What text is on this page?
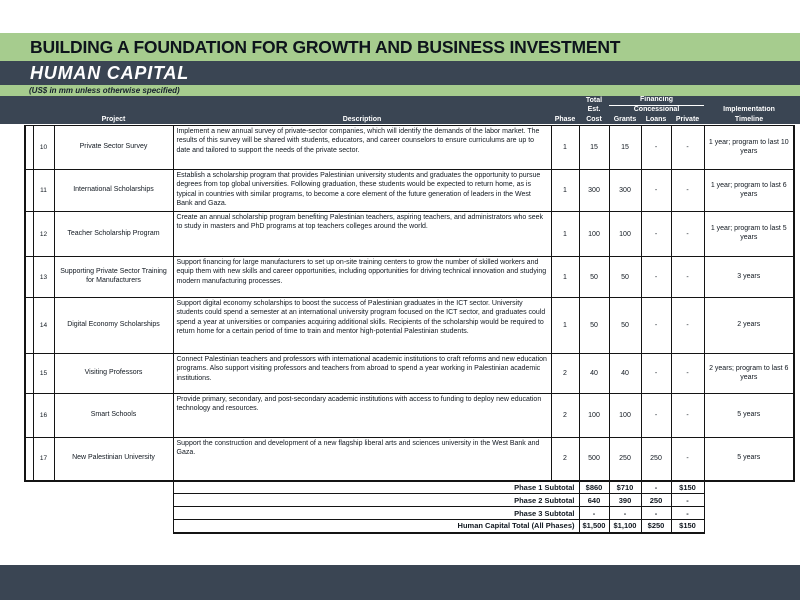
BUILDING A FOUNDATION FOR GROWTH AND BUSINESS INVESTMENT
HUMAN CAPITAL
(US$ in mm unless otherwise specified)
					Total	Financing			
					Est.	Concessional			Implementation
		Project	Description	Phase	Cost	Grants	Loans	Private	Timeline
	10	Private Sector Survey	Implement a new annual survey of private-sector companies, which will identify the demands of the labor market. The results of this survey will be shared with students, educators, and career counselors to ensure curriculums are up to date and tailored to support the needs of the private sector.	1	15	15	-	-	1 year; program to last 10 years
	11	International Scholarships	Establish a scholarship program that provides Palestinian university students and graduates the opportunity to pursue degrees from top global universities. Following graduation, these students would be expected to return home, as is typical in countries with similar programs, to become a core element of the future generation of leaders in the West Bank and Gaza.	1	300	300	-	-	1 year; program to last 6 years
	12	Teacher Scholarship Program	Create an annual scholarship program benefiting Palestinian teachers, aspiring teachers, and administrators who seek to study in masters and PhD programs at top teachers colleges around the world.	1	100	100	-	-	1 year; program to last 5 years
	13	Supporting Private Sector Training for Manufacturers	Support financing for large manufacturers to set up on-site training centers to grow the number of skilled workers and equip them with new skills and career opportunities, including opportunities for driving technical innovation and studying modern manufacturing processes.	1	50	50	-	-	3 years
	14	Digital Economy Scholarships	Support digital economy scholarships to boost the success of Palestinian graduates in the ICT sector. University students could spend a semester at an international university program focused on the ICT sector, and graduates could spend a year at universities or companies acquiring additional skills. Recipients of the scholarship would be required to return home for a certain period of time to train and mentor high-potential Palestinian students.	1	50	50	-	-	2 years
	15	Visiting Professors	Connect Palestinian teachers and professors with international academic institutions to craft reforms and new education programs. Also support visiting professors and teachers from abroad to spend a year working in Palestinian academic institutions.	2	40	40	-	-	2 years; program to last 6 years
	16	Smart Schools	Provide primary, secondary, and post-secondary academic institutions with access to funding to deploy new education technology and resources.	2	100	100	-	-	5 years
	17	New Palestinian University	Support the construction and development of a new flagship liberal arts and sciences university in the West Bank and Gaza.	2	500	250	250	-	5 years
			Phase 1 Subtotal		$860	$710	-	$150	
			Phase 2 Subtotal		640	390	250	-	
			Phase 3 Subtotal		-	-	-	-	
			Human Capital Total (All Phases)		$1,500	$1,100	$250	$150	
